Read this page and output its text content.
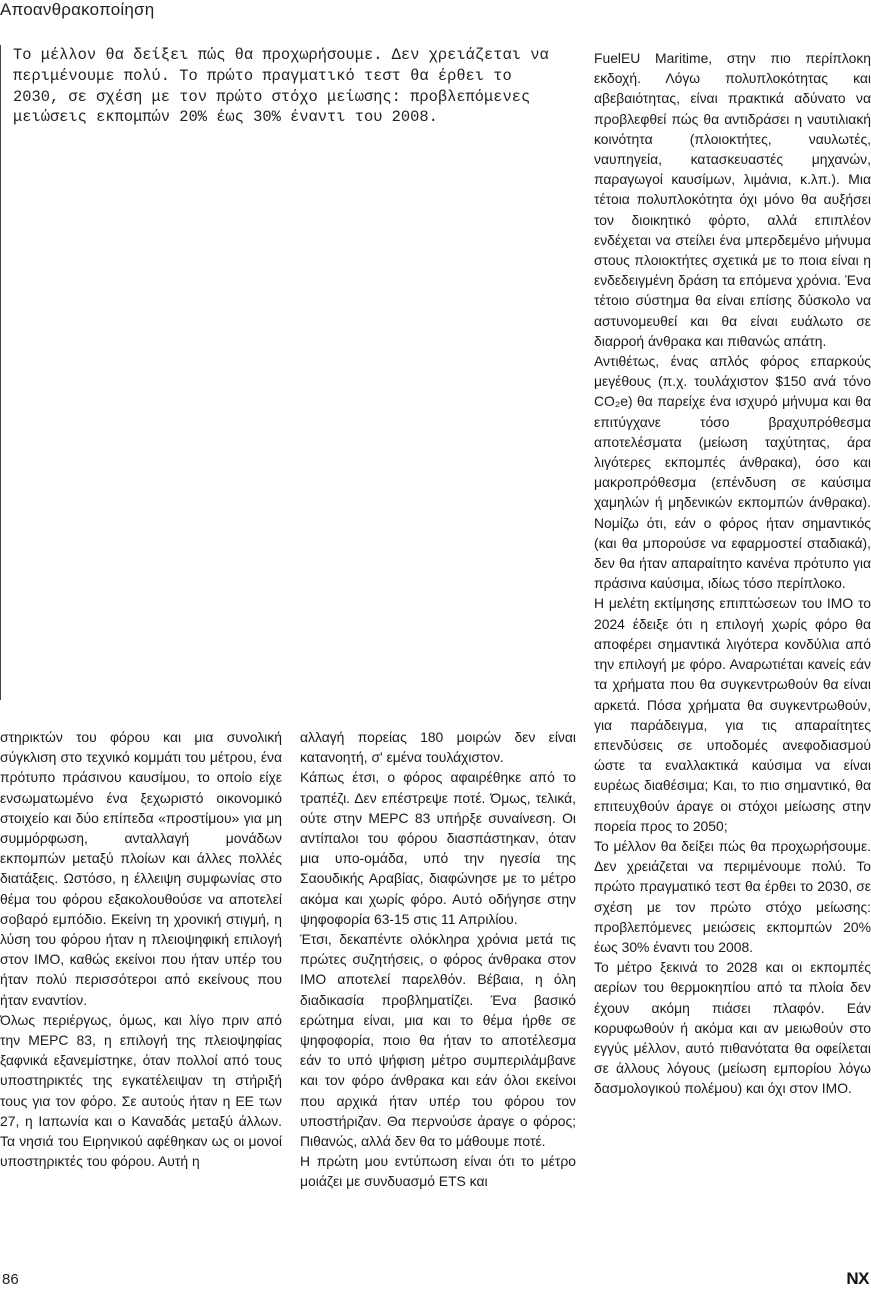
Αποανθρακοποίηση

Το μέλλον θα δείξει πώς θα προχωρήσουμε. Δεν χρειάζεται να περιμένουμε πολύ. Το πρώτο πραγματικό τεστ θα έρθει το 2030, σε σχέση με τον πρώτο στόχο μείωσης: προβλεπόμενες μειώσεις εκπομπών 20% έως 30% έναντι του 2008.

στηρικτών του φόρου και μια συνολική σύγκλιση στο τεχνικό κομμάτι του μέτρου, ένα πρότυπο πράσινου καυσίμου, το οποίο είχε ενσωματωμένο ένα ξεχωριστό οικονομικό στοιχείο και δύο επίπεδα «προστίμου» για μη συμμόρφωση, ανταλλαγή μονάδων εκπομπών μεταξύ πλοίων και άλλες πολλές διατάξεις. Ωστόσο, η έλλειψη συμφωνίας στο θέμα του φόρου εξακολουθούσε να αποτελεί σοβαρό εμπόδιο. Εκείνη τη χρονική στιγμή, η λύση του φόρου ήταν η πλειοψηφική επιλογή στον ΙΜΟ, καθώς εκείνοι που ήταν υπέρ του ήταν πολύ περισσότεροι από εκείνους που ήταν εναντίον.

Όλως περιέργως, όμως, και λίγο πριν από την MEPC 83, η επιλογή της πλειοψηφίας ξαφνικά εξανεμίστηκε, όταν πολλοί από τους υποστηρικτές της εγκατέλειψαν τη στήριξή τους για τον φόρο. Σε αυτούς ήταν η ΕΕ των 27, η Ιαπωνία και ο Καναδάς μεταξύ άλλων. Τα νησιά του Ειρηνικού αφέθηκαν ως οι μονοί υποστηρικτές του φόρου. Αυτή η

αλλαγή πορείας 180 μοιρών δεν είναι κατανοητή, σ' εμένα τουλάχιστον.

Κάπως έτσι, ο φόρος αφαιρέθηκε από το τραπέζι. Δεν επέστρεψε ποτέ. Όμως, τελικά, ούτε στην MEPC 83 υπήρξε συναίνεση. Οι αντίπαλοι του φόρου διασπάστηκαν, όταν μια υπο-ομάδα, υπό την ηγεσία της Σαουδικής Αραβίας, διαφώνησε με το μέτρο ακόμα και χωρίς φόρο. Αυτό οδήγησε στην ψηφοφορία 63-15 στις 11 Απριλίου.

Έτσι, δεκαπέντε ολόκληρα χρόνια μετά τις πρώτες συζητήσεις, ο φόρος άνθρακα στον ΙΜΟ αποτελεί παρελθόν. Βέβαια, η όλη διαδικασία προβληματίζει. Ένα βασικό ερώτημα είναι, μια και το θέμα ήρθε σε ψηφοφορία, ποιο θα ήταν το αποτέλεσμα εάν το υπό ψήφιση μέτρο συμπεριλάμβανε και τον φόρο άνθρακα και εάν όλοι εκείνοι που αρχικά ήταν υπέρ του φόρου τον υποστήριζαν. Θα περνούσε άραγε ο φόρος; Πιθανώς, αλλά δεν θα το μάθουμε ποτέ.

Η πρώτη μου εντύπωση είναι ότι το μέτρο μοιάζει με συνδυασμό ETS και

FuelEU Maritime, στην πιο περίπλοκη εκδοχή. Λόγω πολυπλοκότητας και αβεβαιότητας, είναι πρακτικά αδύνατο να προβλεφθεί πώς θα αντιδράσει η ναυτιλιακή κοινότητα (πλοιοκτήτες, ναυλωτές, ναυπηγεία, κατασκευαστές μηχανών, παραγωγοί καυσίμων, λιμάνια, κ.λπ.). Μια τέτοια πολυπλοκότητα όχι μόνο θα αυξήσει τον διοικητικό φόρτο, αλλά επιπλέον ενδέχεται να στείλει ένα μπερδεμένο μήνυμα στους πλοιοκτήτες σχετικά με το ποια είναι η ενδεδειγμένη δράση τα επόμενα χρόνια. Ένα τέτοιο σύστημα θα είναι επίσης δύσκολο να αστυνομευθεί και θα είναι ευάλωτο σε διαρροή άνθρακα και πιθανώς απάτη.

Αντιθέτως, ένας απλός φόρος επαρκούς μεγέθους (π.χ. τουλάχιστον $150 ανά τόνο CO₂e) θα παρείχε ένα ισχυρό μήνυμα και θα επιτύγχανε τόσο βραχυπρόθεσμα αποτελέσματα (μείωση ταχύτητας, άρα λιγότερες εκπομπές άνθρακα), όσο και μακροπρόθεσμα (επένδυση σε καύσιμα χαμηλών ή μηδενικών εκπομπών άνθρακα). Νομίζω ότι, εάν ο φόρος ήταν σημαντικός (και θα μπορούσε να εφαρμοστεί σταδιακά), δεν θα ήταν απαραίτητο κανένα πρότυπο για πράσινα καύσιμα, ιδίως τόσο περίπλοκο.

Η μελέτη εκτίμησης επιπτώσεων του ΙΜΟ το 2024 έδειξε ότι η επιλογή χωρίς φόρο θα αποφέρει σημαντικά λιγότερα κονδύλια από την επιλογή με φόρο. Αναρωτιέται κανείς εάν τα χρήματα που θα συγκεντρωθούν θα είναι αρκετά. Πόσα χρήματα θα συγκεντρωθούν, για παράδειγμα, για τις απαραίτητες επενδύσεις σε υποδομές ανεφοδιασμού ώστε τα εναλλακτικά καύσιμα να είναι ευρέως διαθέσιμα; Και, το πιο σημαντικό, θα επιτευχθούν άραγε οι στόχοι μείωσης στην πορεία προς το 2050;

Το μέλλον θα δείξει πώς θα προχωρήσουμε. Δεν χρειάζεται να περιμένουμε πολύ. Το πρώτο πραγματικό τεστ θα έρθει το 2030, σε σχέση με τον πρώτο στόχο μείωσης: προβλεπόμενες μειώσεις εκπομπών 20% έως 30% έναντι του 2008.

Το μέτρο ξεκινά το 2028 και οι εκπομπές αερίων του θερμοκηπίου από τα πλοία δεν έχουν ακόμη πιάσει πλαφόν. Εάν κορυφωθούν ή ακόμα και αν μειωθούν στο εγγύς μέλλον, αυτό πιθανότατα θα οφείλεται σε άλλους λόγους (μείωση εμπορίου λόγω δασμολογικού πολέμου) και όχι στον ΙΜΟ.

86	NX
